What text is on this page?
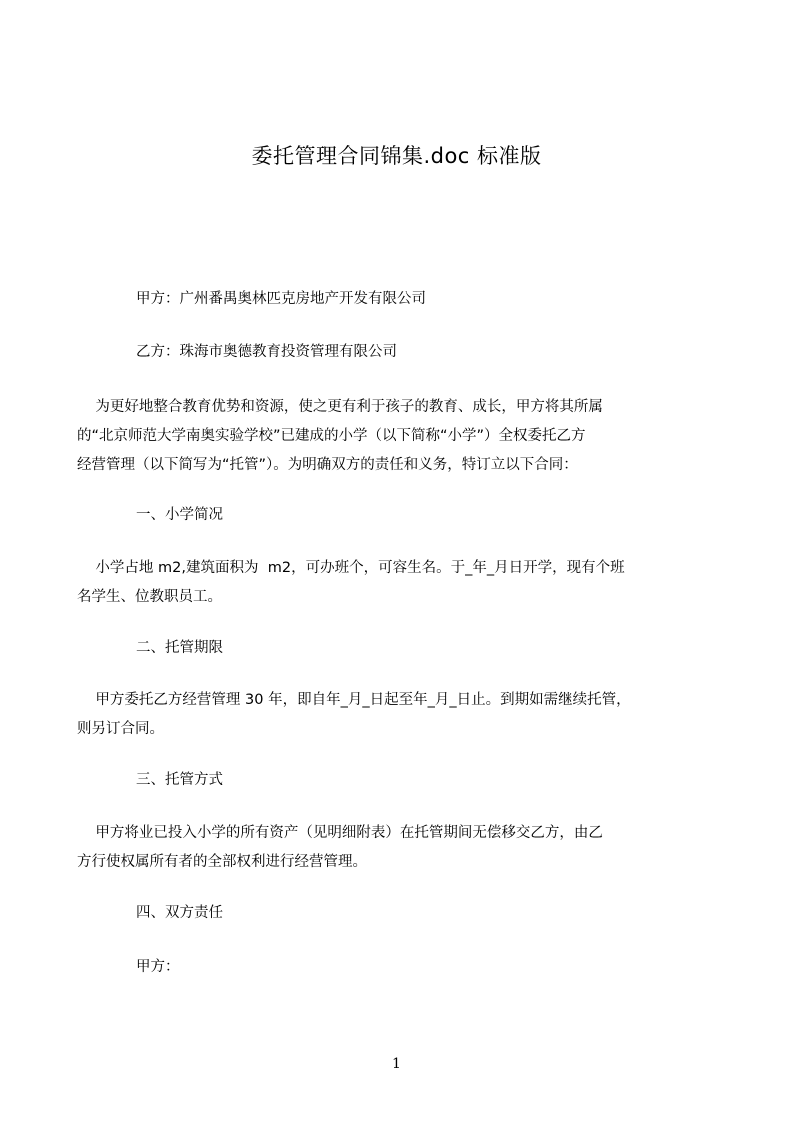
委托管理合同锦集.doc 标准版
甲方：广州番禺奥林匹克房地产开发有限公司
乙方：珠海市奥德教育投资管理有限公司
为更好地整合教育优势和资源，使之更有利于孩子的教育、成长，甲方将其所属
的“北京师范大学南奥实验学校”已建成的小学（以下简称“小学”）全权委托乙方
经营管理（以下简写为“托管”）。为明确双方的责任和义务，特订立以下合同：
一、小学简况
小学占地 m2,建筑面积为  m2，可办班个，可容生名。于_年_月日开学，现有个班
名学生、位教职员工。
二、托管期限
甲方委托乙方经营管理 30 年，即自年_月_日起至年_月_日止。到期如需继续托管，
则另订合同。
三、托管方式
甲方将业已投入小学的所有资产（见明细附表）在托管期间无偿移交乙方，由乙
方行使权属所有者的全部权利进行经营管理。
四、双方责任
甲方：
1
